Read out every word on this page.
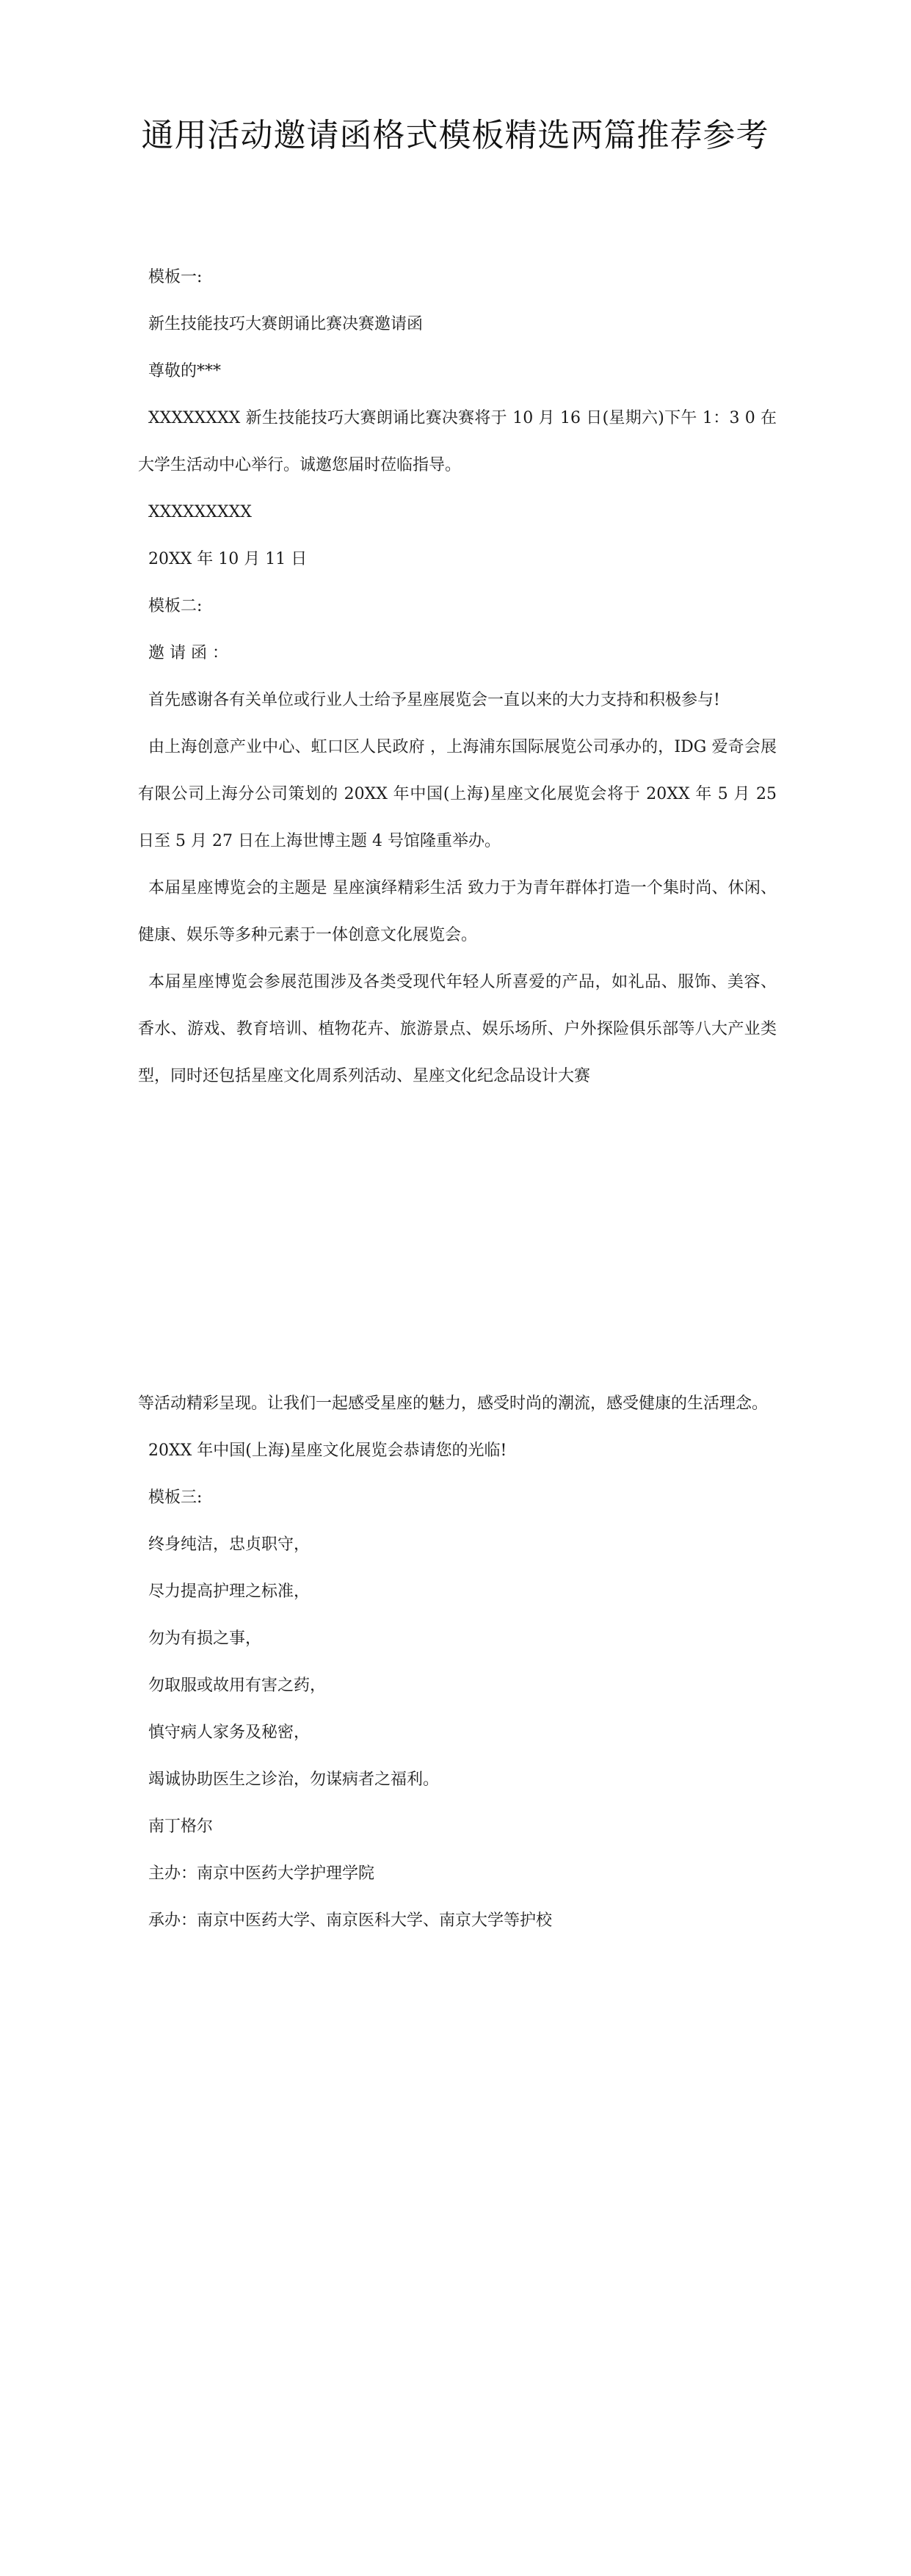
通用活动邀请函格式模板精选两篇推荐参考

模板一:

新生技能技巧大赛朗诵比赛决赛邀请函

尊敬的***

XXXXXXXX 新生技能技巧大赛朗诵比赛决赛将于 10 月 16 日(星期六)下午 1：3 0 在大学生活动中心举行。诚邀您届时莅临指导。

XXXXXXXXX

20XX 年 10 月 11 日

模板二:

邀 请 函 ：

首先感谢各有关单位或行业人士给予星座展览会一直以来的大力支持和积极参与!

由上海创意产业中心、虹口区人民政府 ，上海浦东国际展览公司承办的，IDG 爱奇会展有限公司上海分公司策划的 20XX 年中国(上海)星座文化展览会将于 20XX 年 5 月 25 日至 5 月 27 日在上海世博主题 4 号馆隆重举办。

本届星座博览会的主题是 星座演绎精彩生活 致力于为青年群体打造一个集时尚、休闲、健康、娱乐等多种元素于一体创意文化展览会。

本届星座博览会参展范围涉及各类受现代年轻人所喜爱的产品，如礼品、服饰、美容、香水、游戏、教育培训、植物花卉、旅游景点、娱乐场所、户外探险俱乐部等八大产业类型，同时还包括星座文化周系列活动、星座文化纪念品设计大赛

等活动精彩呈现。让我们一起感受星座的魅力，感受时尚的潮流，感受健康的生活理念。

20XX 年中国(上海)星座文化展览会恭请您的光临!

模板三:

终身纯洁，忠贞职守，

尽力提高护理之标准，

勿为有损之事，

勿取服或故用有害之药，

慎守病人家务及秘密，

竭诚协助医生之诊治，勿谋病者之福利。

南丁格尔

主办：南京中医药大学护理学院

承办：南京中医药大学、南京医科大学、南京大学等护校
